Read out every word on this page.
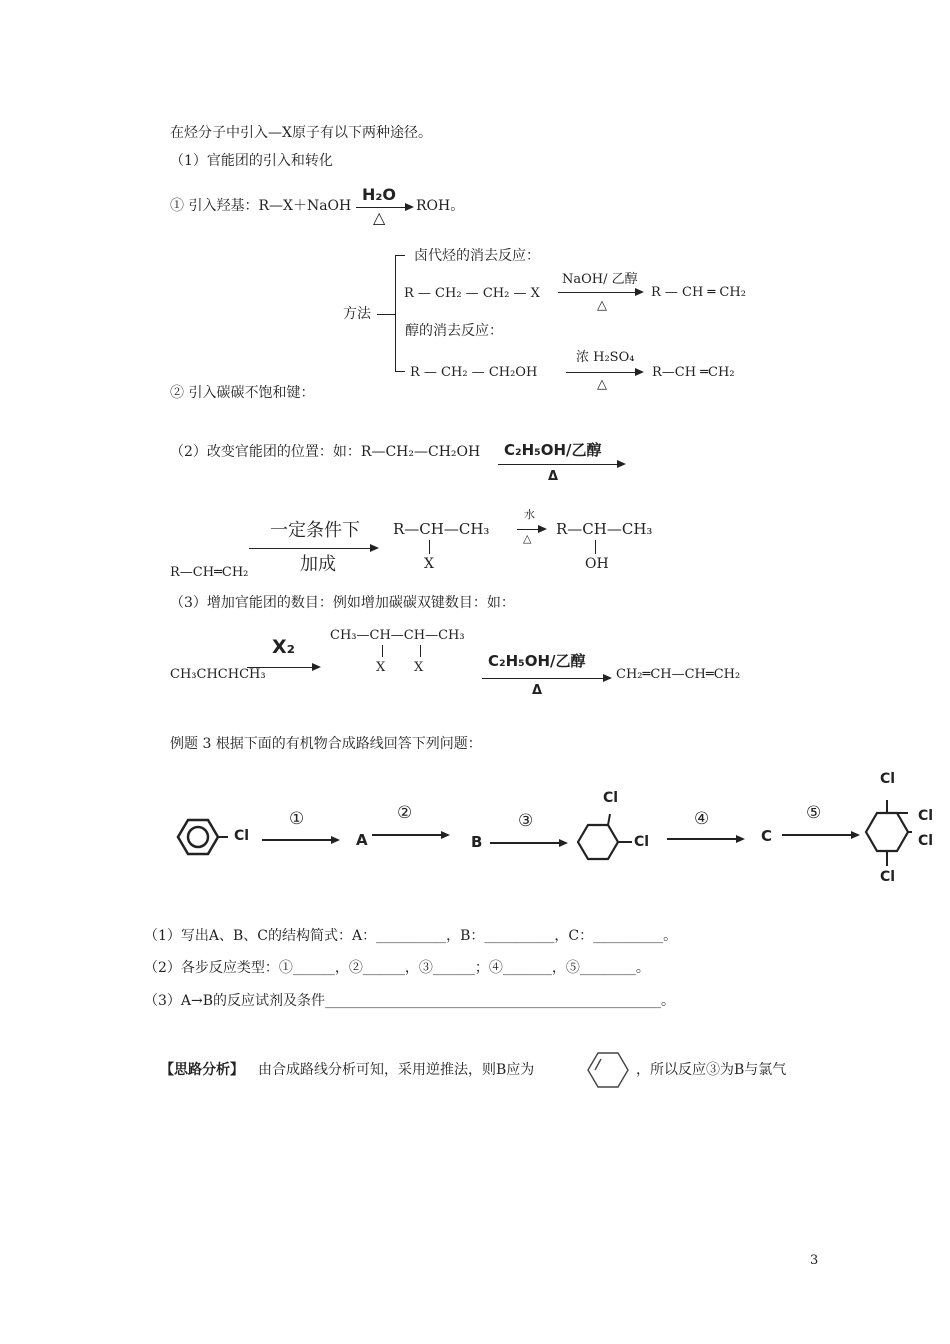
在烃分子中引入—X原子有以下两种途径。
（1）官能团的引入和转化
① 引入羟基：R—X＋NaOH
H₂O
△
ROH。
方法
卤代烃的消去反应：
R — CH₂ — CH₂ — X
NaOH/ 乙醇
△
R — CH ═ CH₂
醇的消去反应：
R — CH₂ — CH₂OH
浓 H₂SO₄
△
R—CH ═CH₂
② 引入碳碳不饱和键：
（2）改变官能团的位置：如：R—CH₂—CH₂OH C₂H₅OH/乙醇
Δ
R—CH═CH₂
一定条件下
加成
R—CH—CH₃
X
水
△
R—CH—CH₃
OH
（3）增加官能团的数目：例如增加碳碳双键数目：如：
CH₃CHCHCH₃
X₂
CH₃—CH—CH—CH₃
X X	C₂H₅OH/乙醇
Δ
CH₂═CH—CH═CH₂
例题 3 根据下面的有机物合成路线回答下列问题：
Cl
①
A
②
B
③
Cl
Cl
④
C
⑤
Cl
Cl
Cl
Cl
（1）写出A、B、C的结构简式：A：__________，B：__________，C：__________。
（2）各步反应类型：①______，②______，③______；④_______，⑤________。
（3）A→B的反应试剂及条件________________________________________________。
【思路分析】 由合成路线分析可知，采用逆推法，则B应为	，所以反应③为B与氯气
3
